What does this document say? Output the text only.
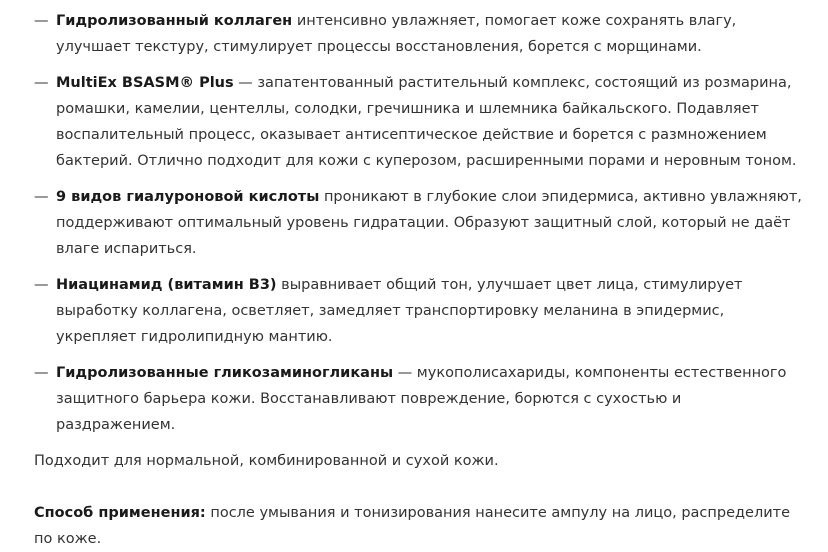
— Гидролизованный коллаген интенсивно увлажняет, помогает коже сохранять влагу, улучшает текстуру, стимулирует процессы восстановления, борется с морщинами.
— MultiEx BSASM® Plus — запатентованный растительный комплекс, состоящий из розмарина, ромашки, камелии, центеллы, солодки, гречишника и шлемника байкальского. Подавляет воспалительный процесс, оказывает антисептическое действие и борется с размножением бактерий. Отлично подходит для кожи с куперозом, расширенными порами и неровным тоном.
— 9 видов гиалуроновой кислоты проникают в глубокие слои эпидермиса, активно увлажняют, поддерживают оптимальный уровень гидратации. Образуют защитный слой, который не даёт влаге испариться.
— Ниацинамид (витамин B3) выравнивает общий тон, улучшает цвет лица, стимулирует выработку коллагена, осветляет, замедляет транспортировку меланина в эпидермис, укрепляет гидролипидную мантию.
— Гидролизованные гликозаминогликаны — мукополисахариды, компоненты естественного защитного барьера кожи. Восстанавливают повреждение, борются с сухостью и раздражением.

Подходит для нормальной, комбинированной и сухой кожи.

Способ применения: после умывания и тонизирования нанесите ампулу на лицо, распределите по коже.
